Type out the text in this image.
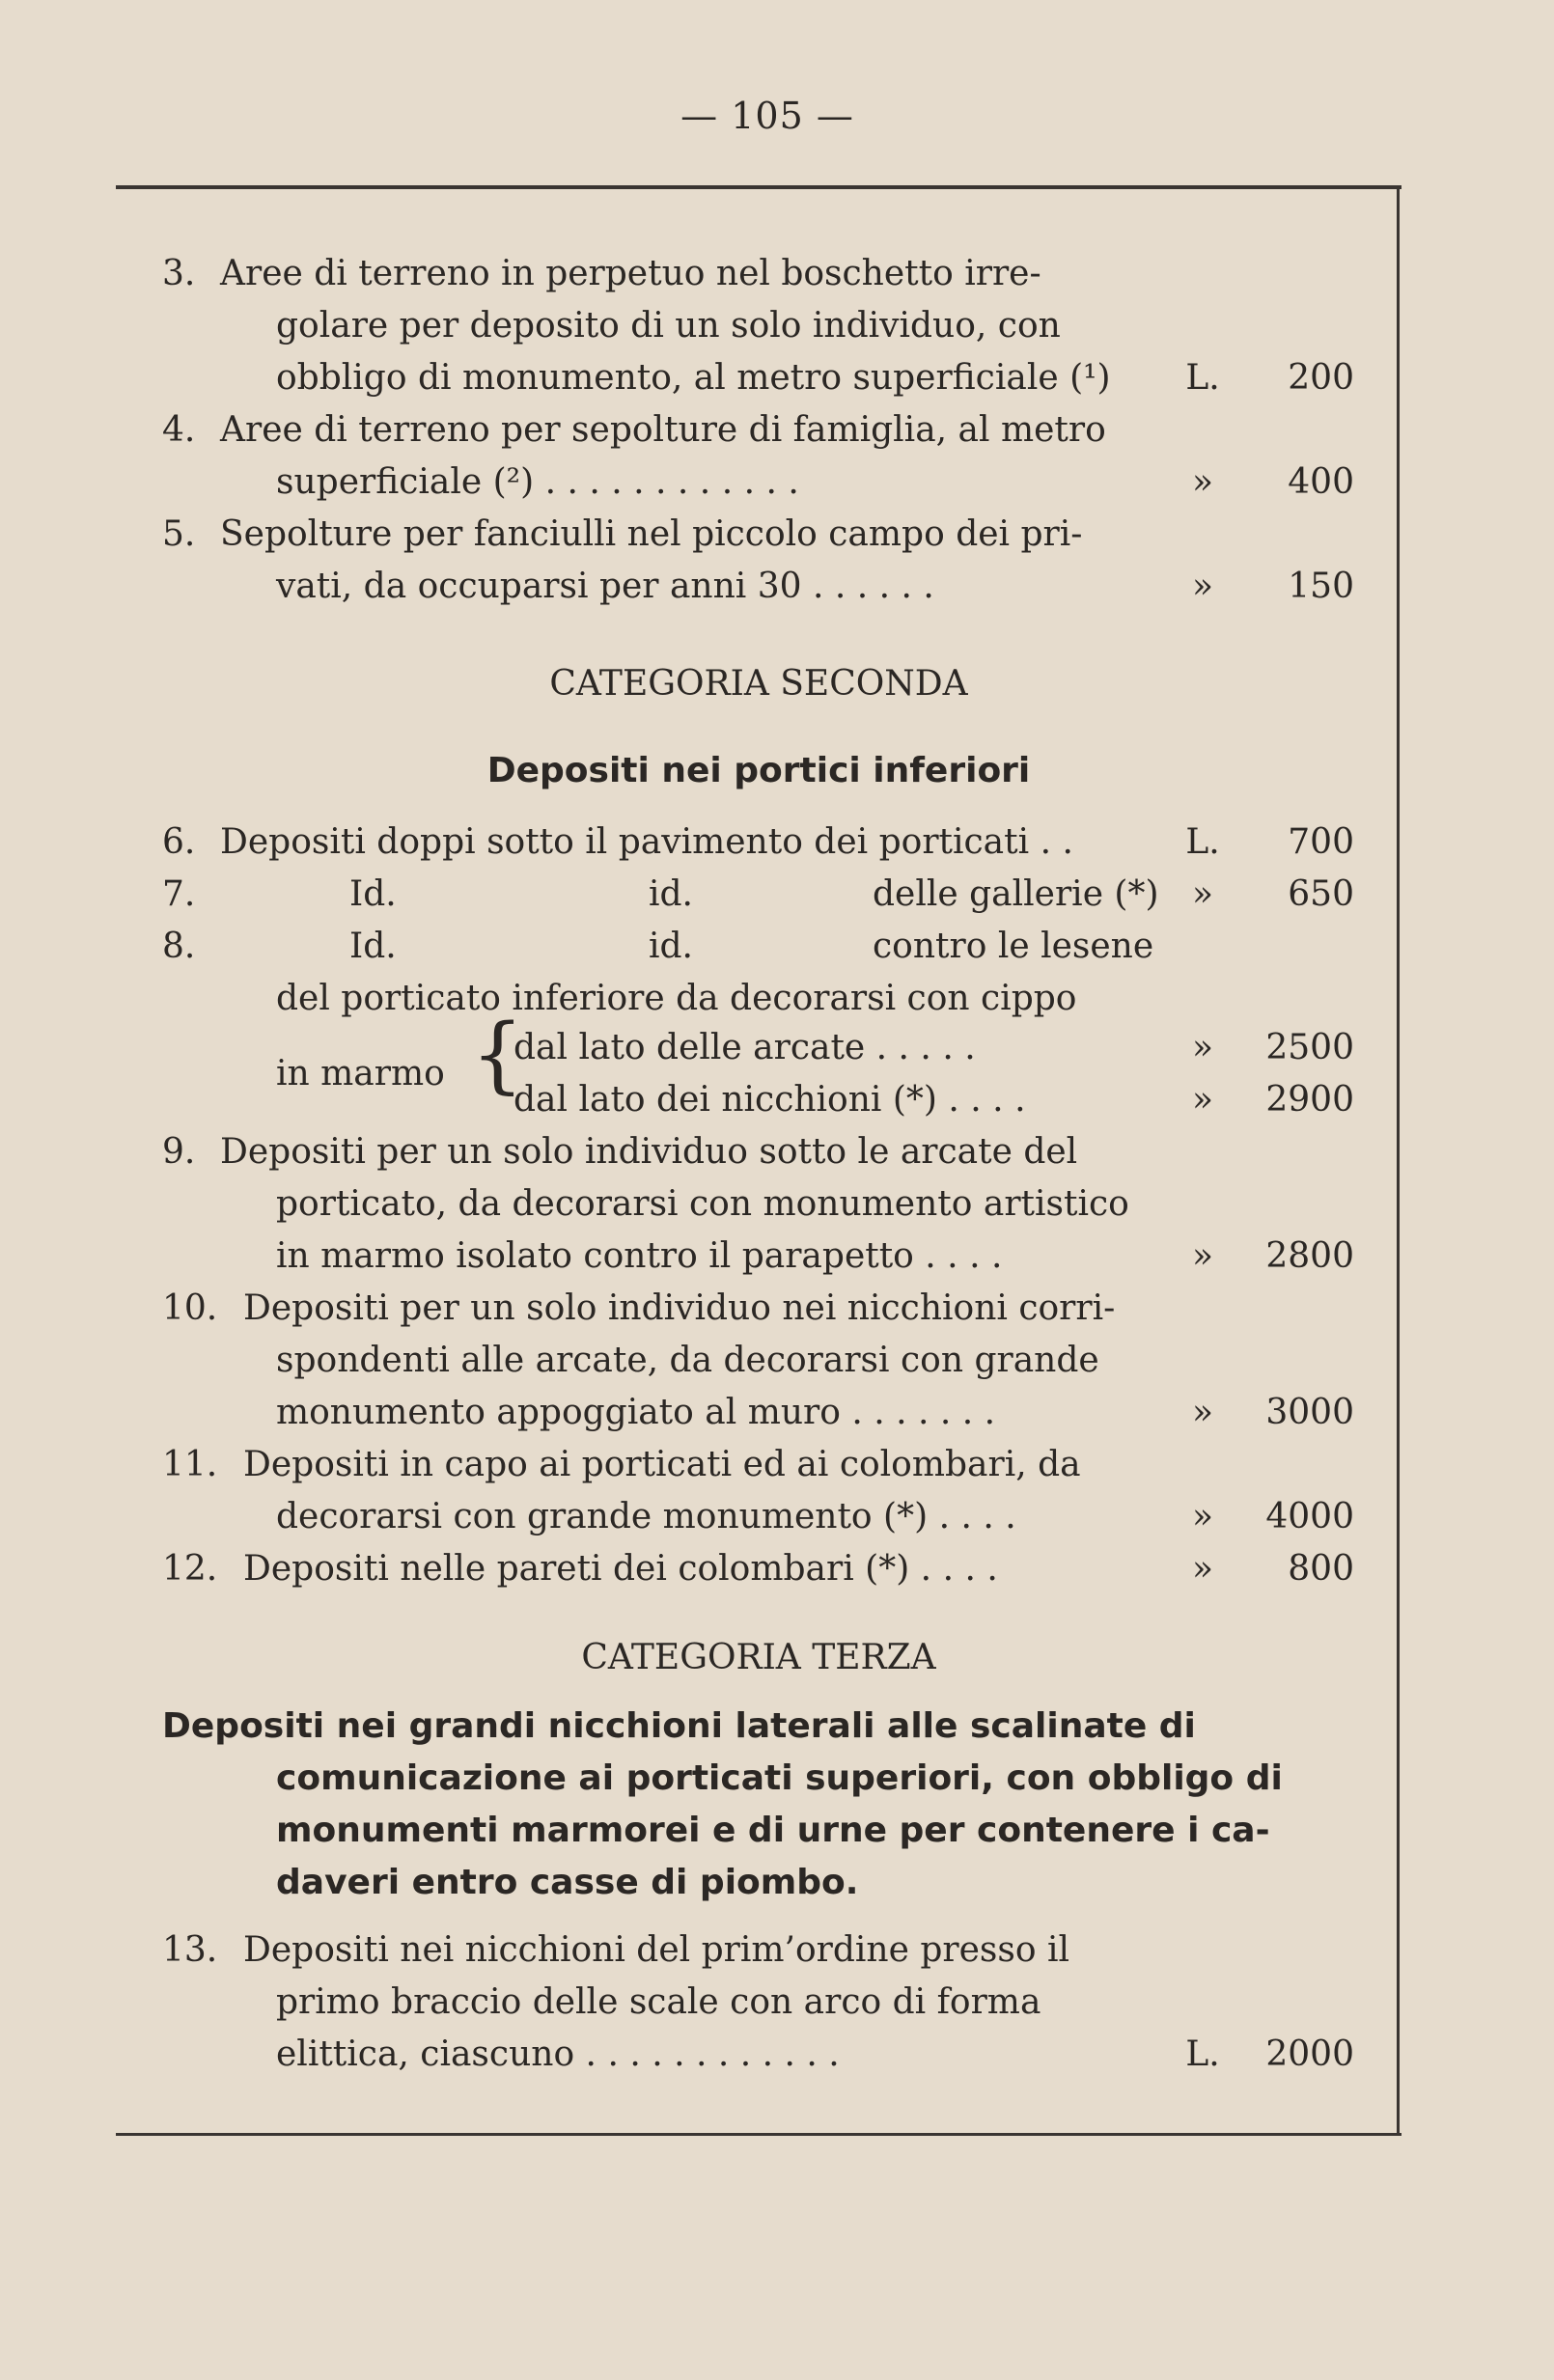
— 105 —
3. Aree di terreno in perpetuo nel boschetto irre-
golare per deposito di un solo individuo, con
obbligo di monumento, al metro superficiale (¹) L.	200
4. Aree di terreno per sepolture di famiglia, al metro
superficiale (²) . . . . . . . . . . . .	»	400
5. Sepolture per fanciulli nel piccolo campo dei pri-
vati, da occuparsi per anni 30 . . . . . .	»	150
CATEGORIA SECONDA
Depositi nei portici inferiori
6. Depositi doppi sotto il pavimento dei porticati . .	L.	700
7.	Id.	id.	delle gallerie (*) »	650
8.	Id.	id.	contro le lesene
del porticato inferiore da decorarsi con cippo
in marmo {
dal lato delle arcate . . . . .	»	2500
dal lato dei nicchioni (*) . . . .	»	2900
9. Depositi per un solo individuo sotto le arcate del
porticato, da decorarsi con monumento artistico
in marmo isolato contro il parapetto . . . .	»	2800
10. Depositi per un solo individuo nei nicchioni corri-
spondenti alle arcate, da decorarsi con grande
monumento appoggiato al muro . . . . . . .	»	3000
11. Depositi in capo ai porticati ed ai colombari, da
decorarsi con grande monumento (*) . . . .	»	4000
12. Depositi nelle pareti dei colombari (*) . . . .	»	800
CATEGORIA TERZA
Depositi nei grandi nicchioni laterali alle scalinate di
comunicazione ai porticati superiori, con obbligo di
monumenti marmorei e di urne per contenere i ca-
daveri entro casse di piombo.
13. Depositi nei nicchioni del prim’ordine presso il
primo braccio delle scale con arco di forma
elittica, ciascuno . . . . . . . . . . . .	L.	2000
